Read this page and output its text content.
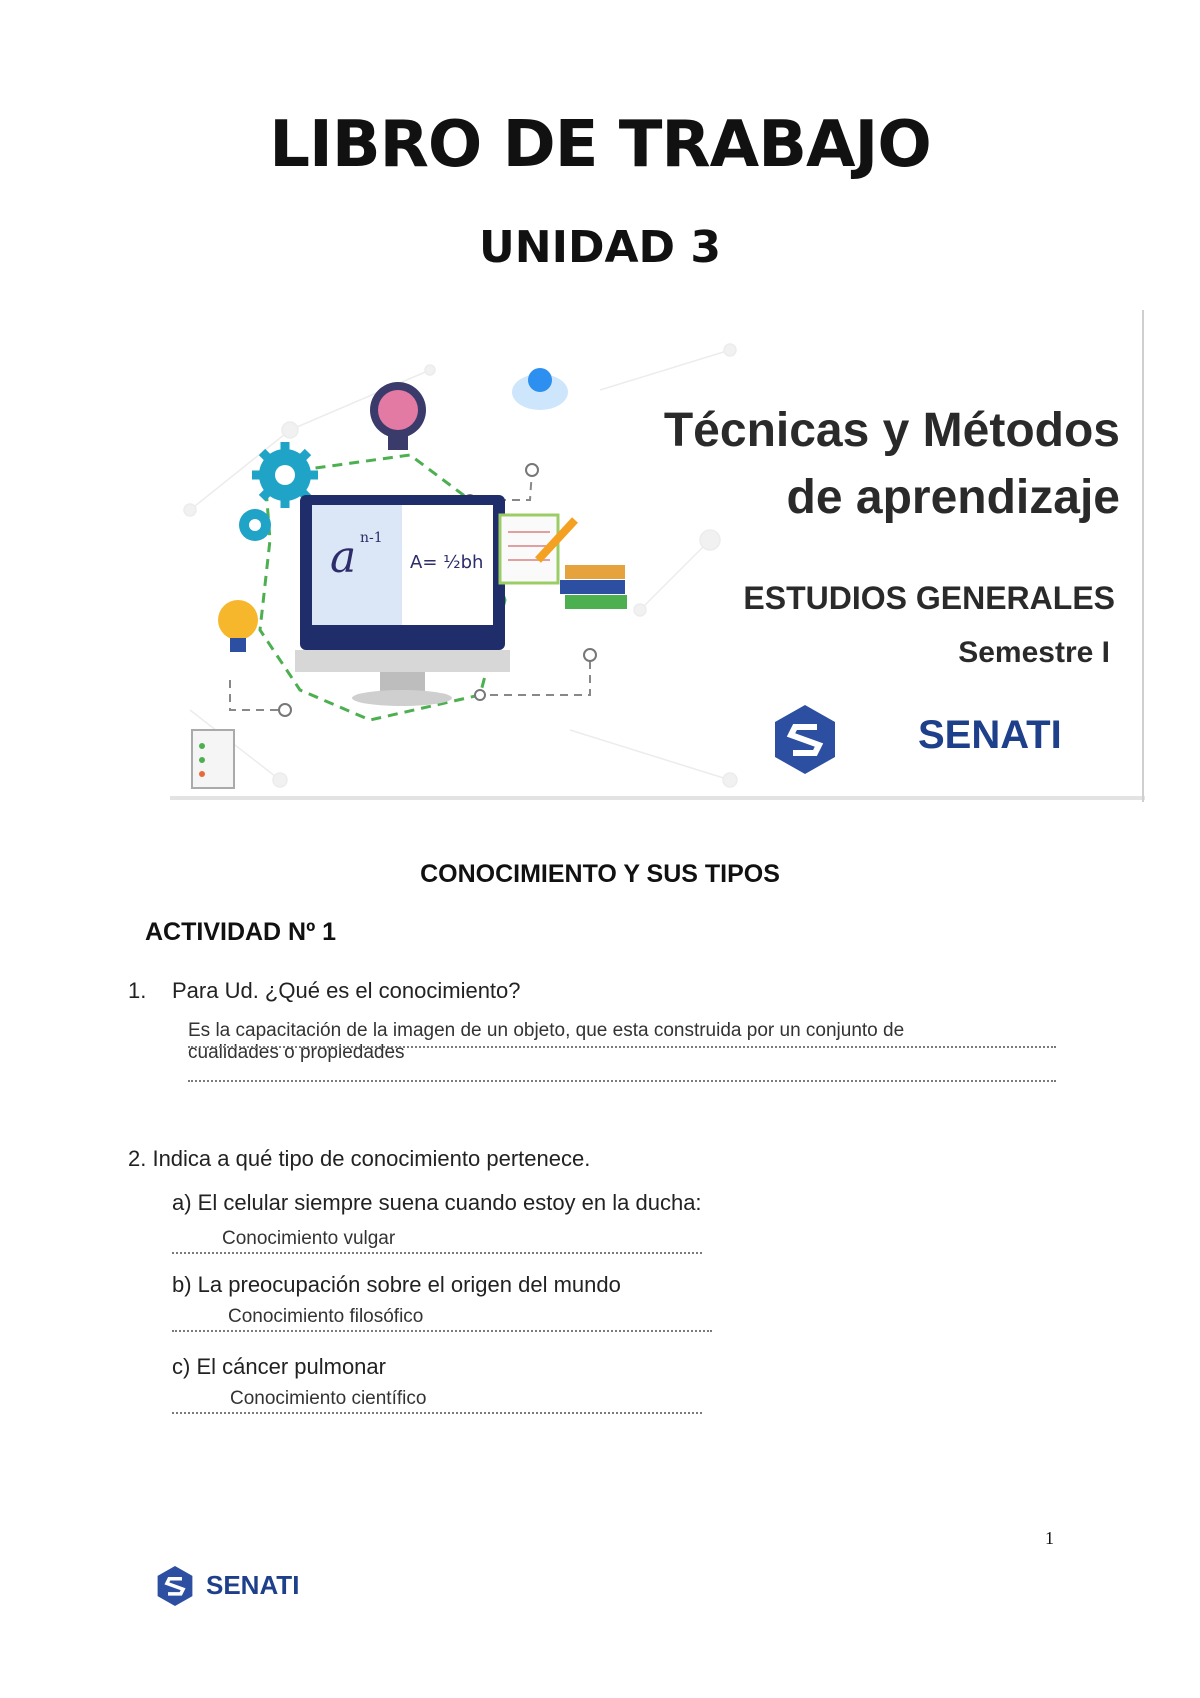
LIBRO DE TRABAJO
UNIDAD 3
a n-1
A= ½bh
Técnicas y Métodos
de aprendizaje
ESTUDIOS GENERALES
Semestre I
SENATI
CONOCIMIENTO Y SUS TIPOS
ACTIVIDAD Nº 1
1. Para Ud. ¿Qué es el conocimiento?
Es la capacitación de la imagen de un objeto, que esta construida por un conjunto de cualidades o propiedades
2. Indica a qué tipo de conocimiento pertenece.
a) El celular siempre suena cuando estoy en la ducha:
Conocimiento vulgar
b) La preocupación sobre el origen del mundo
Conocimiento filosófico
c) El cáncer pulmonar
Conocimiento científico
1
SENATI
